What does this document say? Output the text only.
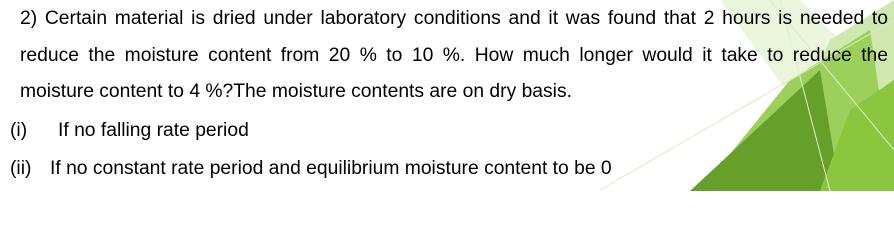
2) Certain material is dried under laboratory conditions and it was found that 2 hours is needed to reduce the moisture content from 20 % to 10 %. How much longer would it take to reduce the moisture content to 4 %?The moisture contents are on dry basis.

(i) If no falling rate period
(ii) If no constant rate period and equilibrium moisture content to be 0
